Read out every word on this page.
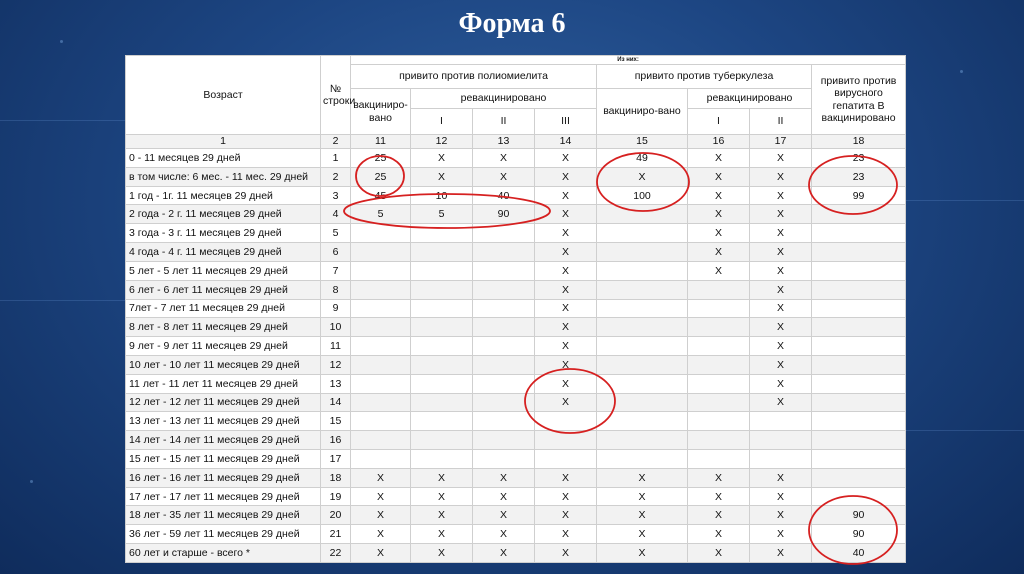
Форма 6
Возраст	№ строки	Из них:							
		привито против полиомиелита				привито против туберкулеза			привито против вирусного гепатита В вакцинировано
		вакциниро-вано	ревакцинировано			вакциниро-вано	ревакцинировано		
			I	II	III		I	II	
1	2	11	12	13	14	15	16	17	18
0 - 11 месяцев 29 дней	1	25	X	X	X	49	X	X	23
в том числе: 6 мес. - 11 мес. 29 дней	2	25	X	X	X	X	X	X	23
1 год - 1г. 11 месяцев 29 дней	3	45	10	40	X	100	X	X	99
2 года - 2 г. 11 месяцев 29 дней	4	5	5	90	X		X	X	
3 года - 3 г. 11 месяцев 29 дней	5				X		X	X	
4 года - 4 г. 11 месяцев 29 дней	6				X		X	X	
5 лет - 5 лет 11 месяцев 29 дней	7				X		X	X	
6 лет - 6 лет 11 месяцев 29 дней	8				X			X	
7лет - 7 лет 11 месяцев 29 дней	9				X			X	
8 лет - 8 лет 11 месяцев 29 дней	10				X			X	
9 лет - 9 лет 11 месяцев 29 дней	11				X			X	
10 лет - 10 лет 11 месяцев 29 дней	12				X			X	
11 лет - 11 лет 11 месяцев 29 дней	13				X			X	
12 лет - 12 лет 11 месяцев 29 дней	14				X			X	
13 лет - 13 лет 11 месяцев 29 дней	15								
14 лет - 14 лет 11 месяцев 29 дней	16								
15 лет - 15 лет 11 месяцев 29 дней	17								
16 лет - 16 лет 11 месяцев 29 дней	18	X	X	X	X	X	X	X	
17 лет - 17 лет 11 месяцев 29 дней	19	X	X	X	X	X	X	X	
18 лет - 35 лет 11 месяцев 29 дней	20	X	X	X	X	X	X	X	90
36 лет - 59 лет 11 месяцев 29 дней	21	X	X	X	X	X	X	X	90
60 лет и старше - всего *	22	X	X	X	X	X	X	X	40
